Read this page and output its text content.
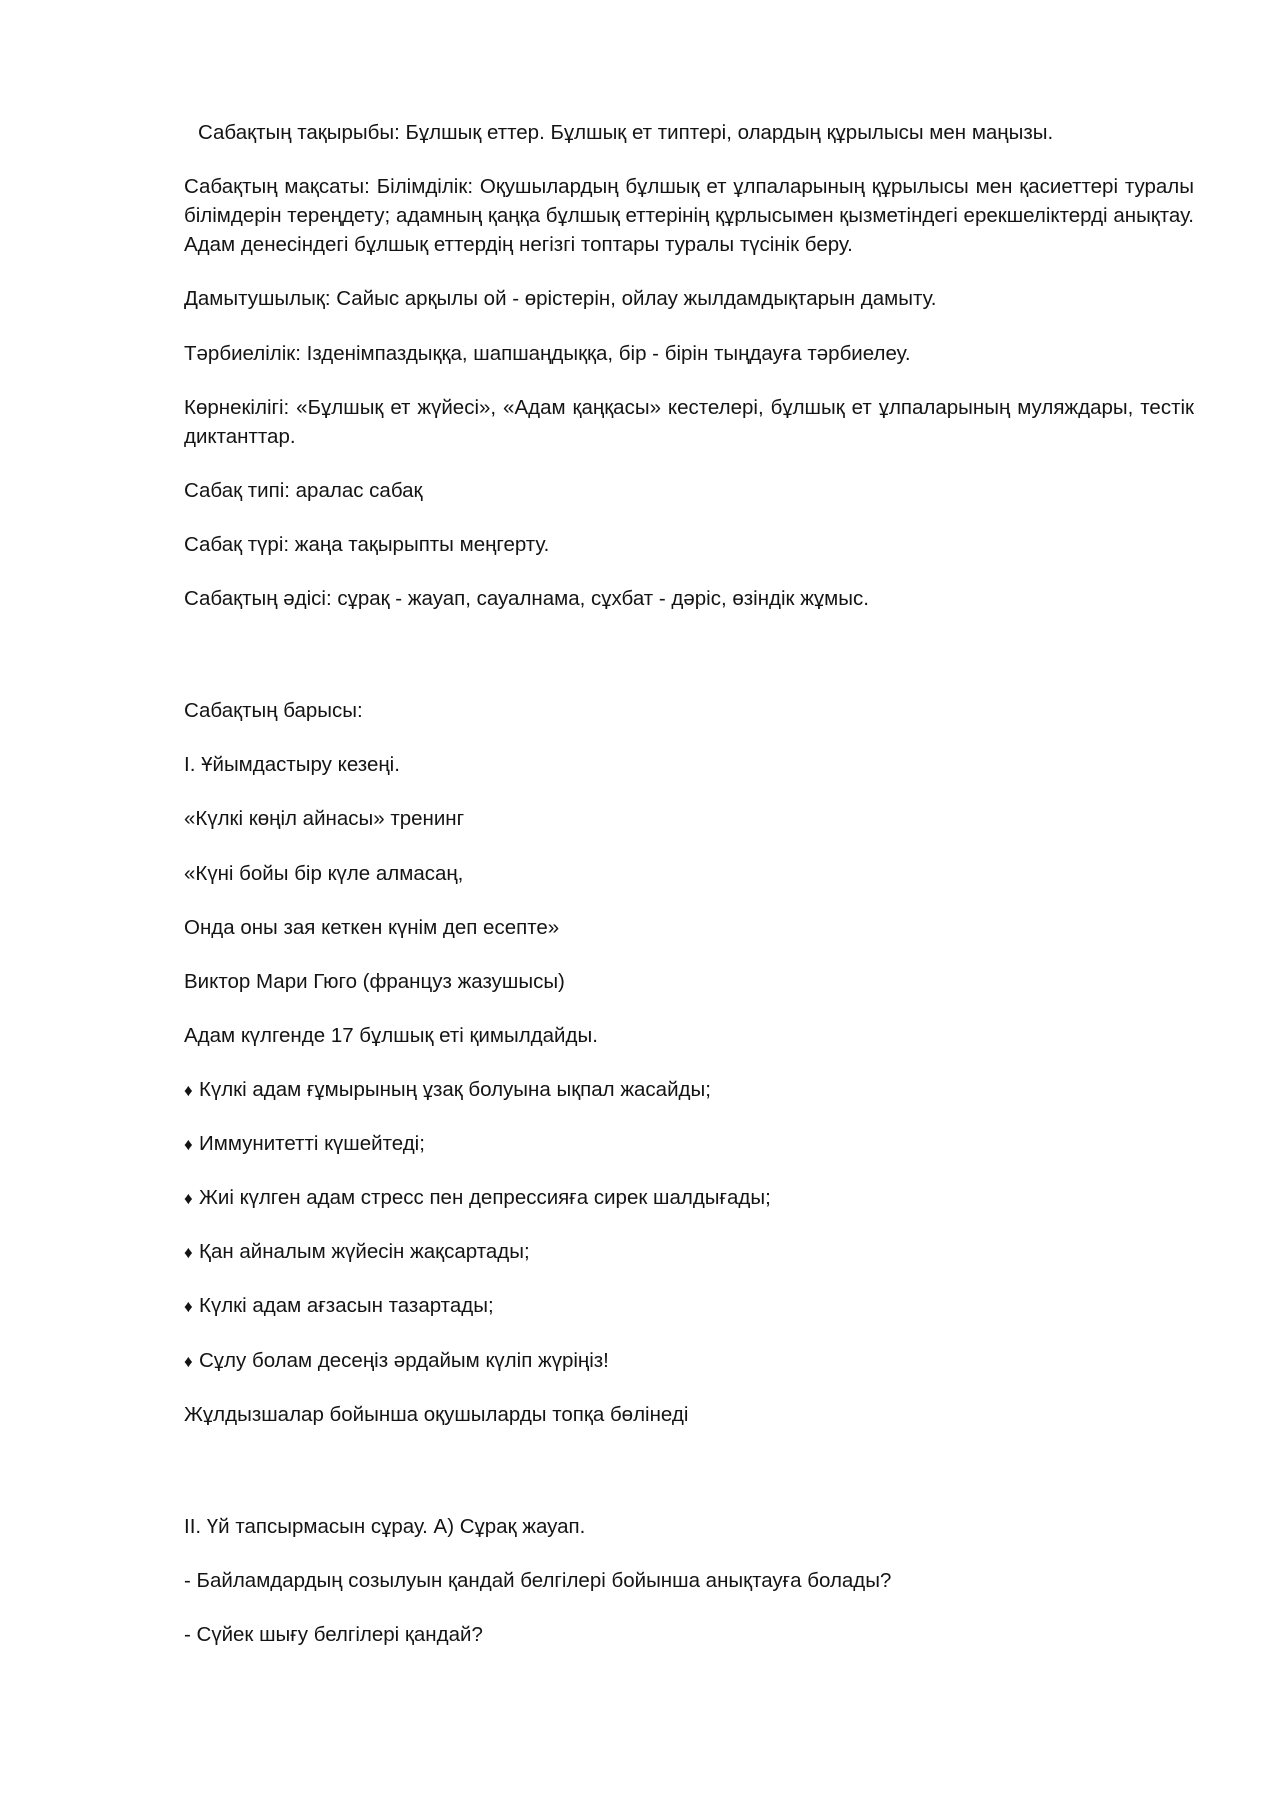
Сабақтың тақырыбы: Бұлшық еттер. Бұлшық ет типтері, олардың құрылысы мен маңызы.

Сабақтың мақсаты: Білімділік: Оқушылардың бұлшық ет ұлпаларының құрылысы мен қасиеттері туралы білімдерін тереңдету; адамның қаңқа бұлшық еттерінің құрлысымен қызметіндегі ерекшеліктерді анықтау. Адам денесіндегі бұлшық еттердің негізгі топтары туралы түсінік беру.

Дамытушылық: Сайыс арқылы ой - өрістерін, ойлау жылдамдықтарын дамыту.

Тәрбиелілік: Ізденімпаздыққа, шапшаңдыққа, бір - бірін тыңдауға тәрбиелеу.

Көрнекілігі: «Бұлшық ет жүйесі», «Адам қаңқасы» кестелері, бұлшық ет ұлпаларының муляждары, тестік диктанттар.

Сабақ типі: аралас сабақ

Сабақ түрі: жаңа тақырыпты меңгерту.

Сабақтың әдісі: сұрақ - жауап, сауалнама, сұхбат - дәріс, өзіндік жұмыс.

Сабақтың барысы:

І. Ұйымдастыру кезеңі.

«Күлкі көңіл айнасы» тренинг

«Күні бойы бір күле алмасаң,

Онда оны зая кеткен күнім деп есепте»

Виктор Мари Гюго (француз жазушысы)

Адам күлгенде 17 бұлшық еті қимылдайды.

♦ Күлкі адам ғұмырының ұзақ болуына ықпал жасайды;

♦ Иммунитетті күшейтеді;

♦ Жиі күлген адам стресс пен депрессияға сирек шалдығады;

♦ Қан айналым жүйесін жақсартады;

♦ Күлкі адам ағзасын тазартады;

♦ Сұлу болам десеңіз әрдайым күліп жүріңіз!

Жұлдызшалар бойынша оқушыларды топқа бөлінеді

ІІ. Үй тапсырмасын сұрау. А) Сұрақ жауап.

- Байламдардың созылуын қандай белгілері бойынша анықтауға болады?

- Сүйек шығу белгілері қандай?
